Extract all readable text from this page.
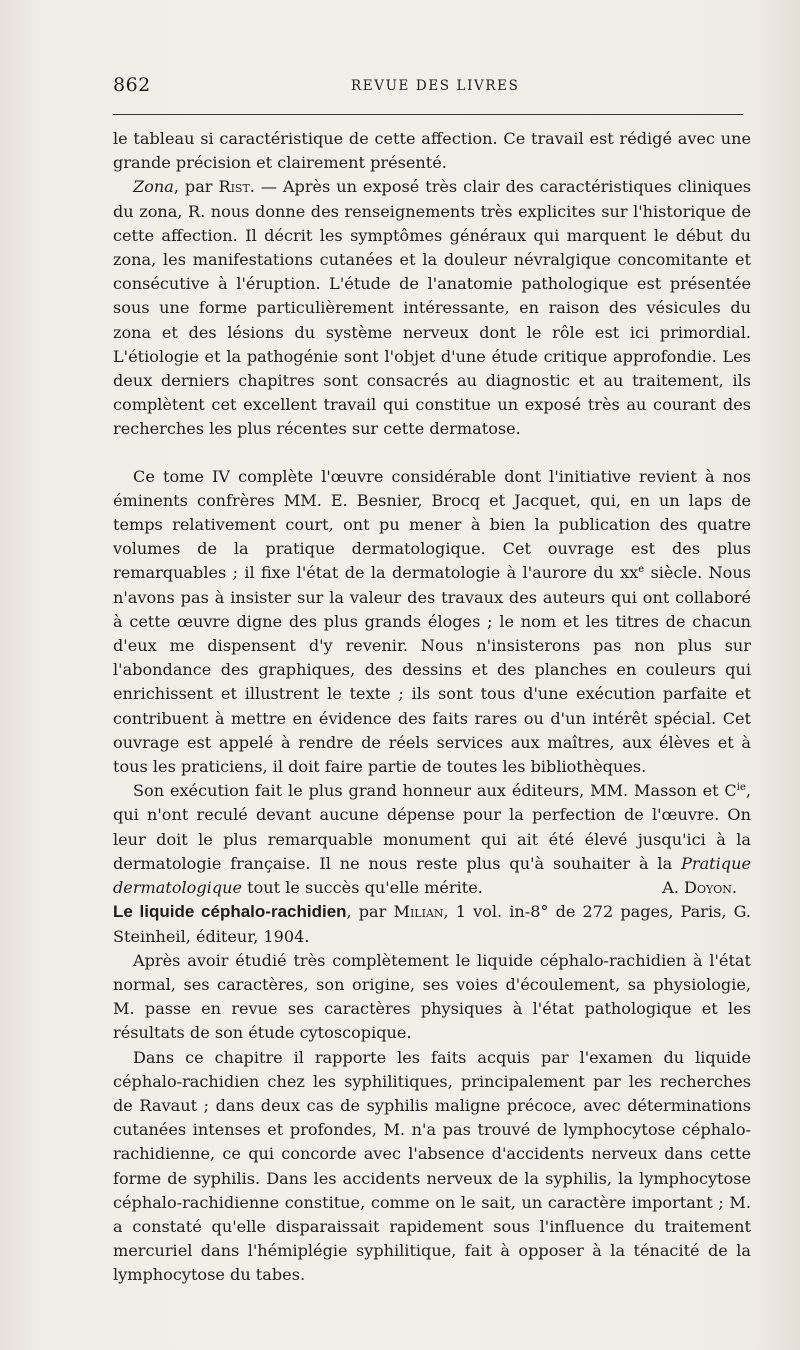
862	REVUE DES LIVRES

le tableau si caractéristique de cette affection. Ce travail est rédigé avec une grande précision et clairement présenté.

Zona, par Rist. — Après un exposé très clair des caractéristiques cliniques du zona, R. nous donne des renseignements très explicites sur l'historique de cette affection. Il décrit les symptômes généraux qui marquent le début du zona, les manifestations cutanées et la douleur névralgique concomitante et consécutive à l'éruption. L'étude de l'anatomie pathologique est présentée sous une forme particulièrement intéressante, en raison des vésicules du zona et des lésions du système nerveux dont le rôle est ici primordial. L'étiologie et la pathogénie sont l'objet d'une étude critique approfondie. Les deux derniers chapitres sont consacrés au diagnostic et au traitement, ils complètent cet excellent travail qui constitue un exposé très au courant des recherches les plus récentes sur cette dermatose.

Ce tome IV complète l'œuvre considérable dont l'initiative revient à nos éminents confrères MM. E. Besnier, Brocq et Jacquet, qui, en un laps de temps relativement court, ont pu mener à bien la publication des quatre volumes de la pratique dermatologique. Cet ouvrage est des plus remarquables ; il fixe l'état de la dermatologie à l'aurore du $xx^e$ siècle. Nous n'avons pas à insister sur la valeur des travaux des auteurs qui ont collaboré à cette œuvre digne des plus grands éloges ; le nom et les titres de chacun d'eux me dispensent d'y revenir. Nous n'insisterons pas non plus sur l'abondance des graphiques, des dessins et des planches en couleurs qui enrichissent et illustrent le texte ; ils sont tous d'une exécution parfaite et contribuent à mettre en évidence des faits rares ou d'un intérêt spécial. Cet ouvrage est appelé à rendre de réels services aux maîtres, aux élèves et à tous les praticiens, il doit faire partie de toutes les bibliothèques.

Son exécution fait le plus grand honneur aux éditeurs, MM. Masson et $C^{ie}$, qui n'ont reculé devant aucune dépense pour la perfection de l'œuvre. On leur doit le plus remarquable monument qui ait été élevé jusqu'ici à la dermatologie française. Il ne nous reste plus qu'à souhaiter à la Pratique dermatologique tout le succès qu'elle mérite.	A. Doyon.

Le liquide céphalo-rachidien, par Milian, 1 vol. in-8° de 272 pages, Paris, G. Steinheil, éditeur, 1904.

Après avoir étudié très complètement le liquide céphalo-rachidien à l'état normal, ses caractères, son origine, ses voies d'écoulement, sa physiologie, M. passe en revue ses caractères physiques à l'état pathologique et les résultats de son étude cytoscopique.

Dans ce chapitre il rapporte les faits acquis par l'examen du liquide céphalo-rachidien chez les syphilitiques, principalement par les recherches de Ravaut ; dans deux cas de syphilis maligne précoce, avec déterminations cutanées intenses et profondes, M. n'a pas trouvé de lymphocytose céphalo-rachidienne, ce qui concorde avec l'absence d'accidents nerveux dans cette forme de syphilis. Dans les accidents nerveux de la syphilis, la lymphocytose céphalo-rachidienne constitue, comme on le sait, un caractère important ; M. a constaté qu'elle disparaissait rapidement sous l'influence du traitement mercuriel dans l'hémiplégie syphilitique, fait à opposer à la ténacité de la lymphocytose du tabes.
